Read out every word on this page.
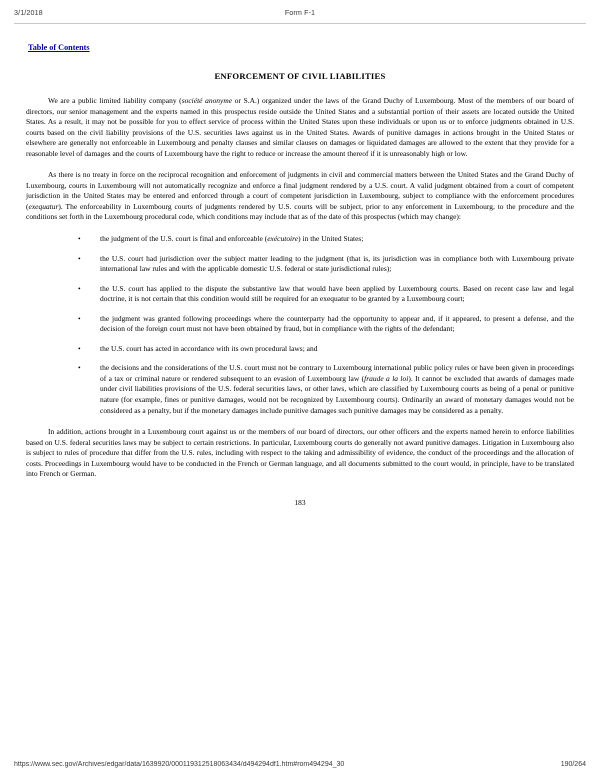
3/1/2018	Form F-1
Table of Contents
ENFORCEMENT OF CIVIL LIABILITIES

We are a public limited liability company (société anonyme or S.A.) organized under the laws of the Grand Duchy of Luxembourg. Most of the members of our board of directors, our senior management and the experts named in this prospectus reside outside the United States and a substantial portion of their assets are located outside the United States. As a result, it may not be possible for you to effect service of process within the United States upon these individuals or upon us or to enforce judgments obtained in U.S. courts based on the civil liability provisions of the U.S. securities laws against us in the United States. Awards of punitive damages in actions brought in the United States or elsewhere are generally not enforceable in Luxembourg and penalty clauses and similar clauses on damages or liquidated damages are allowed to the extent that they provide for a reasonable level of damages and the courts of Luxembourg have the right to reduce or increase the amount thereof if it is unreasonably high or low.

As there is no treaty in force on the reciprocal recognition and enforcement of judgments in civil and commercial matters between the United States and the Grand Duchy of Luxembourg, courts in Luxembourg will not automatically recognize and enforce a final judgment rendered by a U.S. court. A valid judgment obtained from a court of competent jurisdiction in the United States may be entered and enforced through a court of competent jurisdiction in Luxembourg, subject to compliance with the enforcement procedures (exequatur). The enforceability in Luxembourg courts of judgments rendered by U.S. courts will be subject, prior to any enforcement in Luxembourg, to the procedure and the conditions set forth in the Luxembourg procedural code, which conditions may include that as of the date of this prospectus (which may change):

•	the judgment of the U.S. court is final and enforceable (exécutoire) in the United States;
•	the U.S. court had jurisdiction over the subject matter leading to the judgment (that is, its jurisdiction was in compliance both with Luxembourg private international law rules and with the applicable domestic U.S. federal or state jurisdictional rules);
•	the U.S. court has applied to the dispute the substantive law that would have been applied by Luxembourg courts. Based on recent case law and legal doctrine, it is not certain that this condition would still be required for an exequatur to be granted by a Luxembourg court;
•	the judgment was granted following proceedings where the counterparty had the opportunity to appear and, if it appeared, to present a defense, and the decision of the foreign court must not have been obtained by fraud, but in compliance with the rights of the defendant;
•	the U.S. court has acted in accordance with its own procedural laws; and
•	the decisions and the considerations of the U.S. court must not be contrary to Luxembourg international public policy rules or have been given in proceedings of a tax or criminal nature or rendered subsequent to an evasion of Luxembourg law (fraude a la loi). It cannot be excluded that awards of damages made under civil liabilities provisions of the U.S. federal securities laws, or other laws, which are classified by Luxembourg courts as being of a penal or punitive nature (for example, fines or punitive damages, would not be recognized by Luxembourg courts). Ordinarily an award of monetary damages would not be considered as a penalty, but if the monetary damages include punitive damages such punitive damages may be considered as a penalty.

In addition, actions brought in a Luxembourg court against us or the members of our board of directors, our other officers and the experts named herein to enforce liabilities based on U.S. federal securities laws may be subject to certain restrictions. In particular, Luxembourg courts do generally not award punitive damages. Litigation in Luxembourg also is subject to rules of procedure that differ from the U.S. rules, including with respect to the taking and admissibility of evidence, the conduct of the proceedings and the allocation of costs. Proceedings in Luxembourg would have to be conducted in the French or German language, and all documents submitted to the court would, in principle, have to be translated into French or German.

183
https://www.sec.gov/Archives/edgar/data/1639920/000119312518063434/d494294df1.htm#rom494294_30	190/264
